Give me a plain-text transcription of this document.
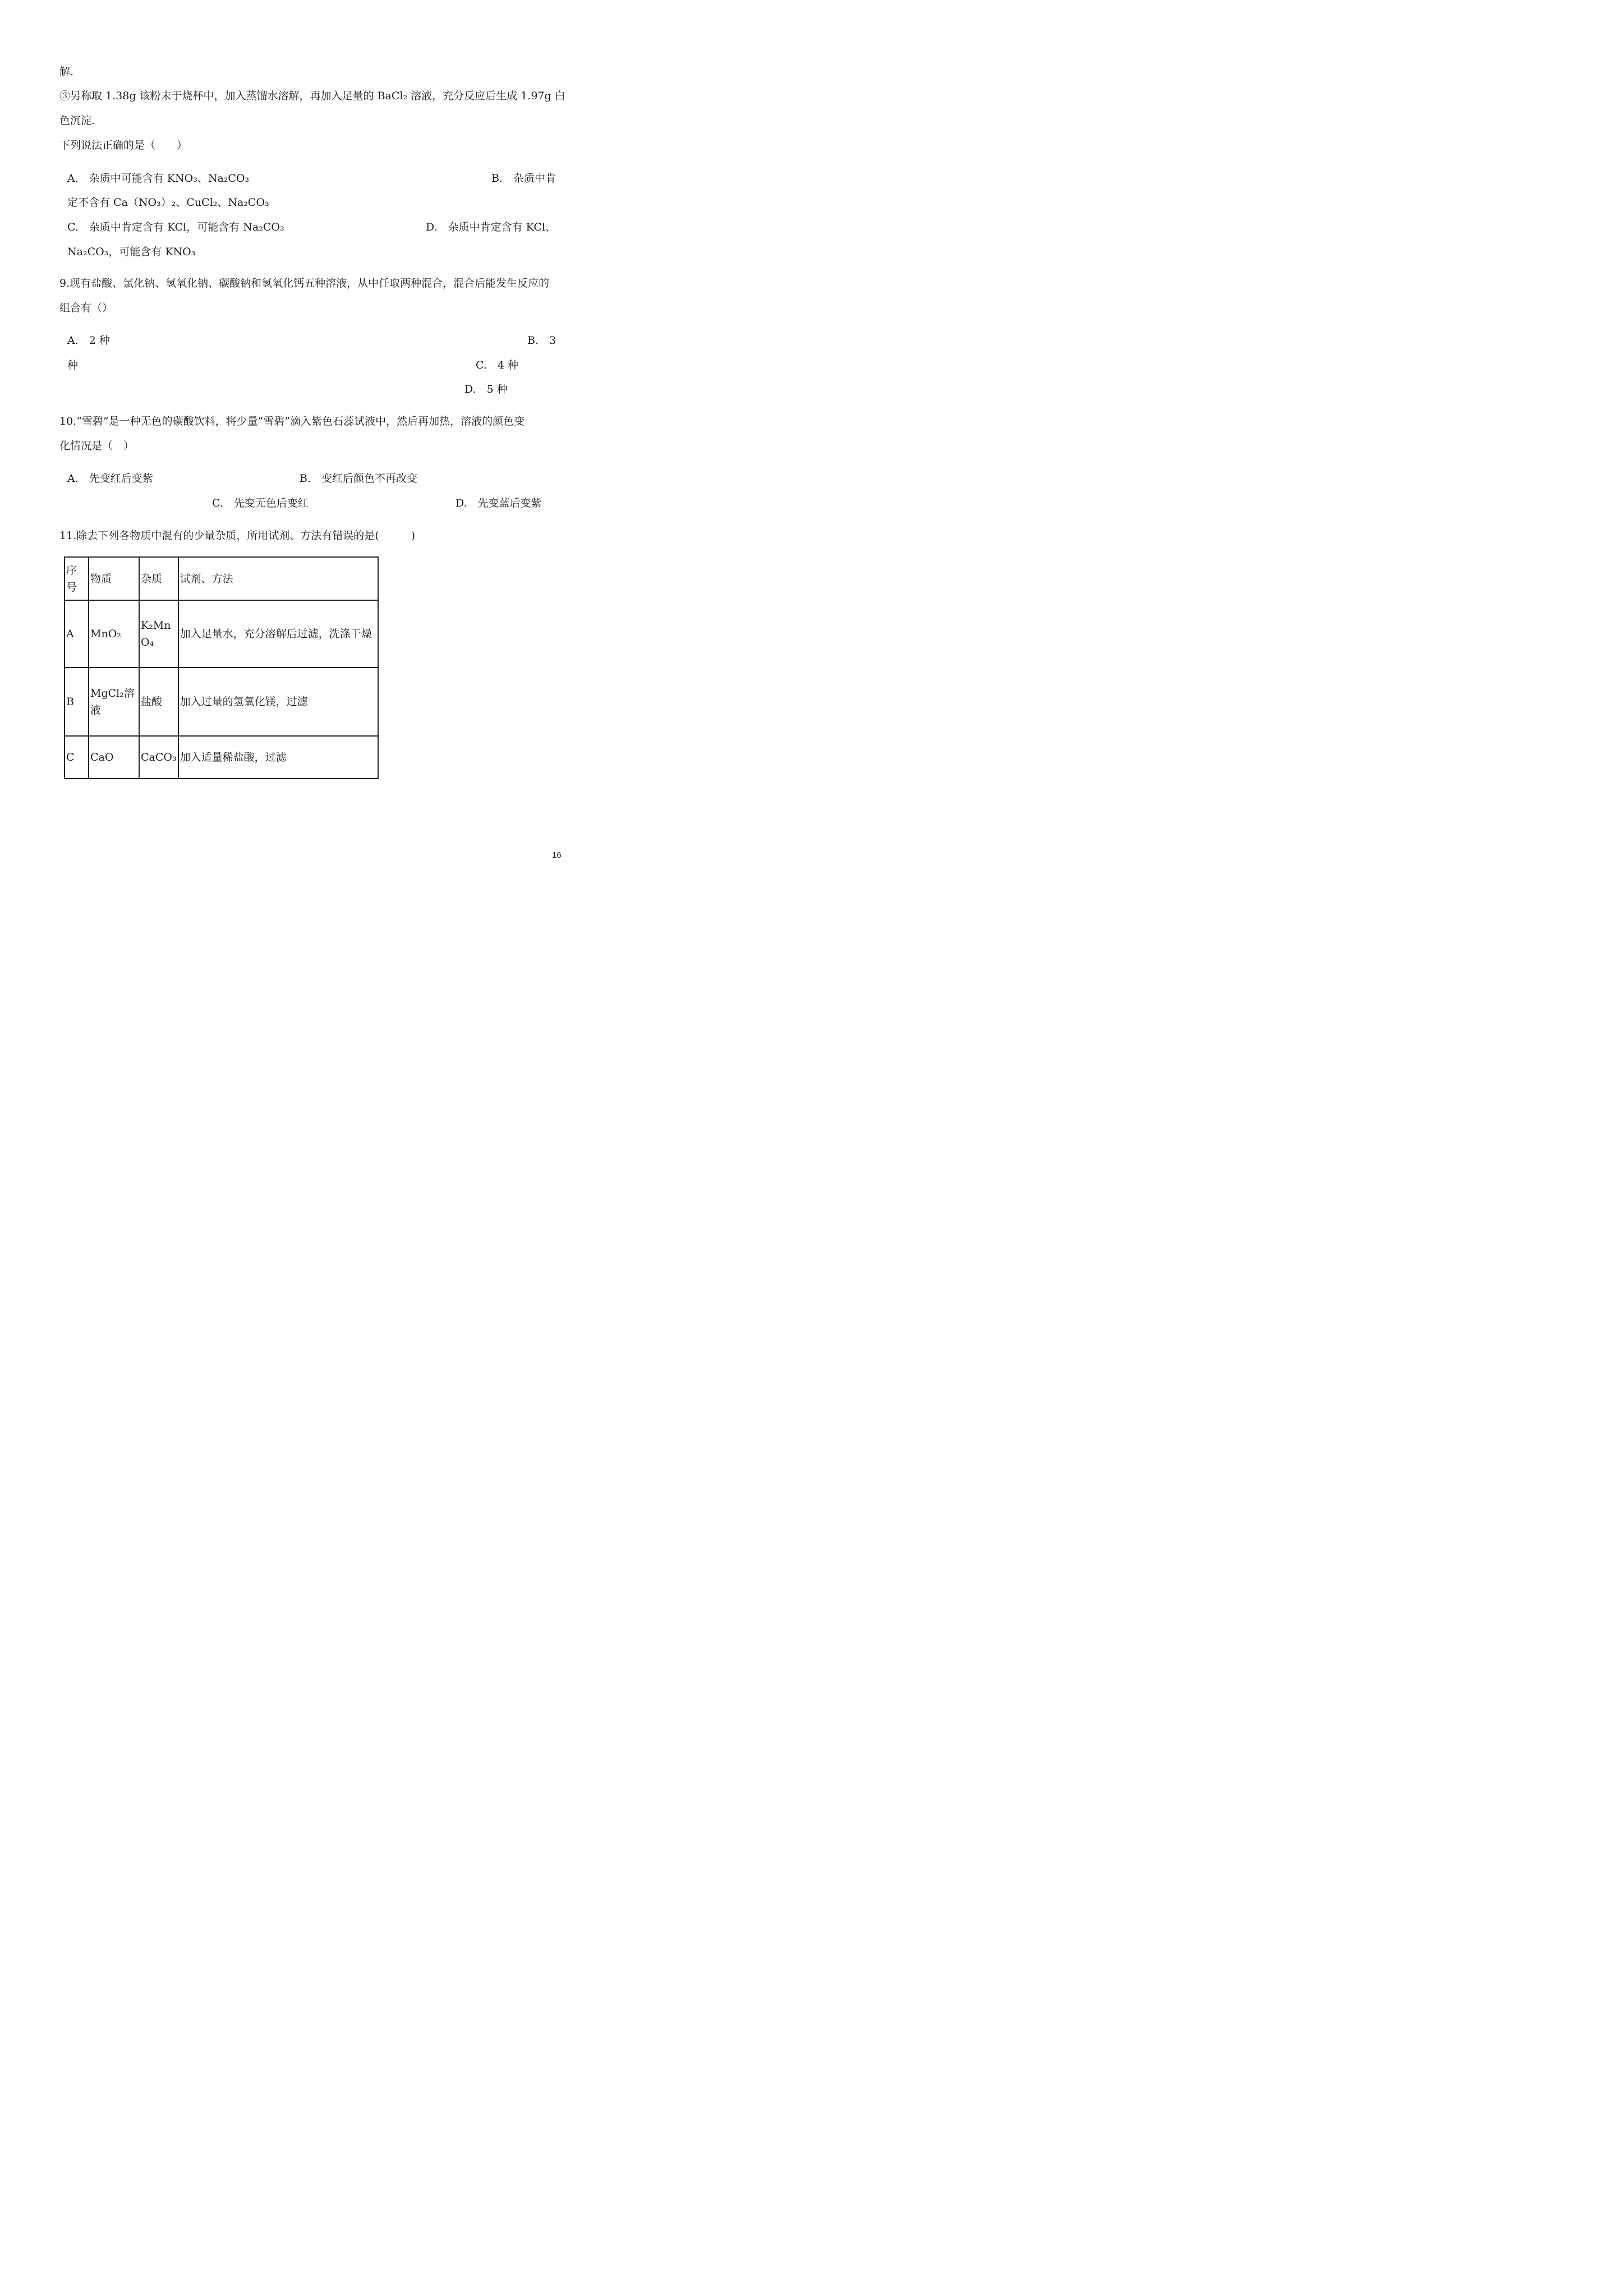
解.
③另称取 1.38g 该粉末于烧杯中，加入蒸馏水溶解，再加入足量的 BaCl₂ 溶液，充分反应后生成 1.97g 白
色沉淀.
下列说法正确的是（　　）
A.　杂质中可能含有 KNO₃、Na₂CO₃	B.　杂质中肯
定不含有 Ca（NO₃）₂、CuCl₂、Na₂CO₃
C.　杂质中肯定含有 KCl，可能含有 Na₂CO₃	D.　杂质中肯定含有 KCl、
Na₂CO₃，可能含有 KNO₃
9.现有盐酸、氯化钠、氢氧化钠、碳酸钠和氢氧化钙五种溶液，从中任取两种混合，混合后能发生反应的
组合有（）
A.　2 种	B.　3
种	C.　4 种
D.　5 种
10.“雪碧”是一种无色的碳酸饮料，将少量“雪碧”滴入紫色石蕊试液中，然后再加热，溶液的颜色变
化情况是（　）
A.　先变红后变紫	B.　变红后颜色不再改变
C.　先变无色后变红	D.　先变蓝后变紫
11.除去下列各物质中混有的少量杂质，所用试剂、方法有错误的是(　　　)
序号	物质	杂质	试剂、方法
A	MnO₂	K₂MnO₄	加入足量水，充分溶解后过滤，洗涤干燥
B	MgCl₂溶液	盐酸	加入过量的氢氧化镁，过滤
C	CaO	CaCO₃	加入适量稀盐酸，过滤
16
